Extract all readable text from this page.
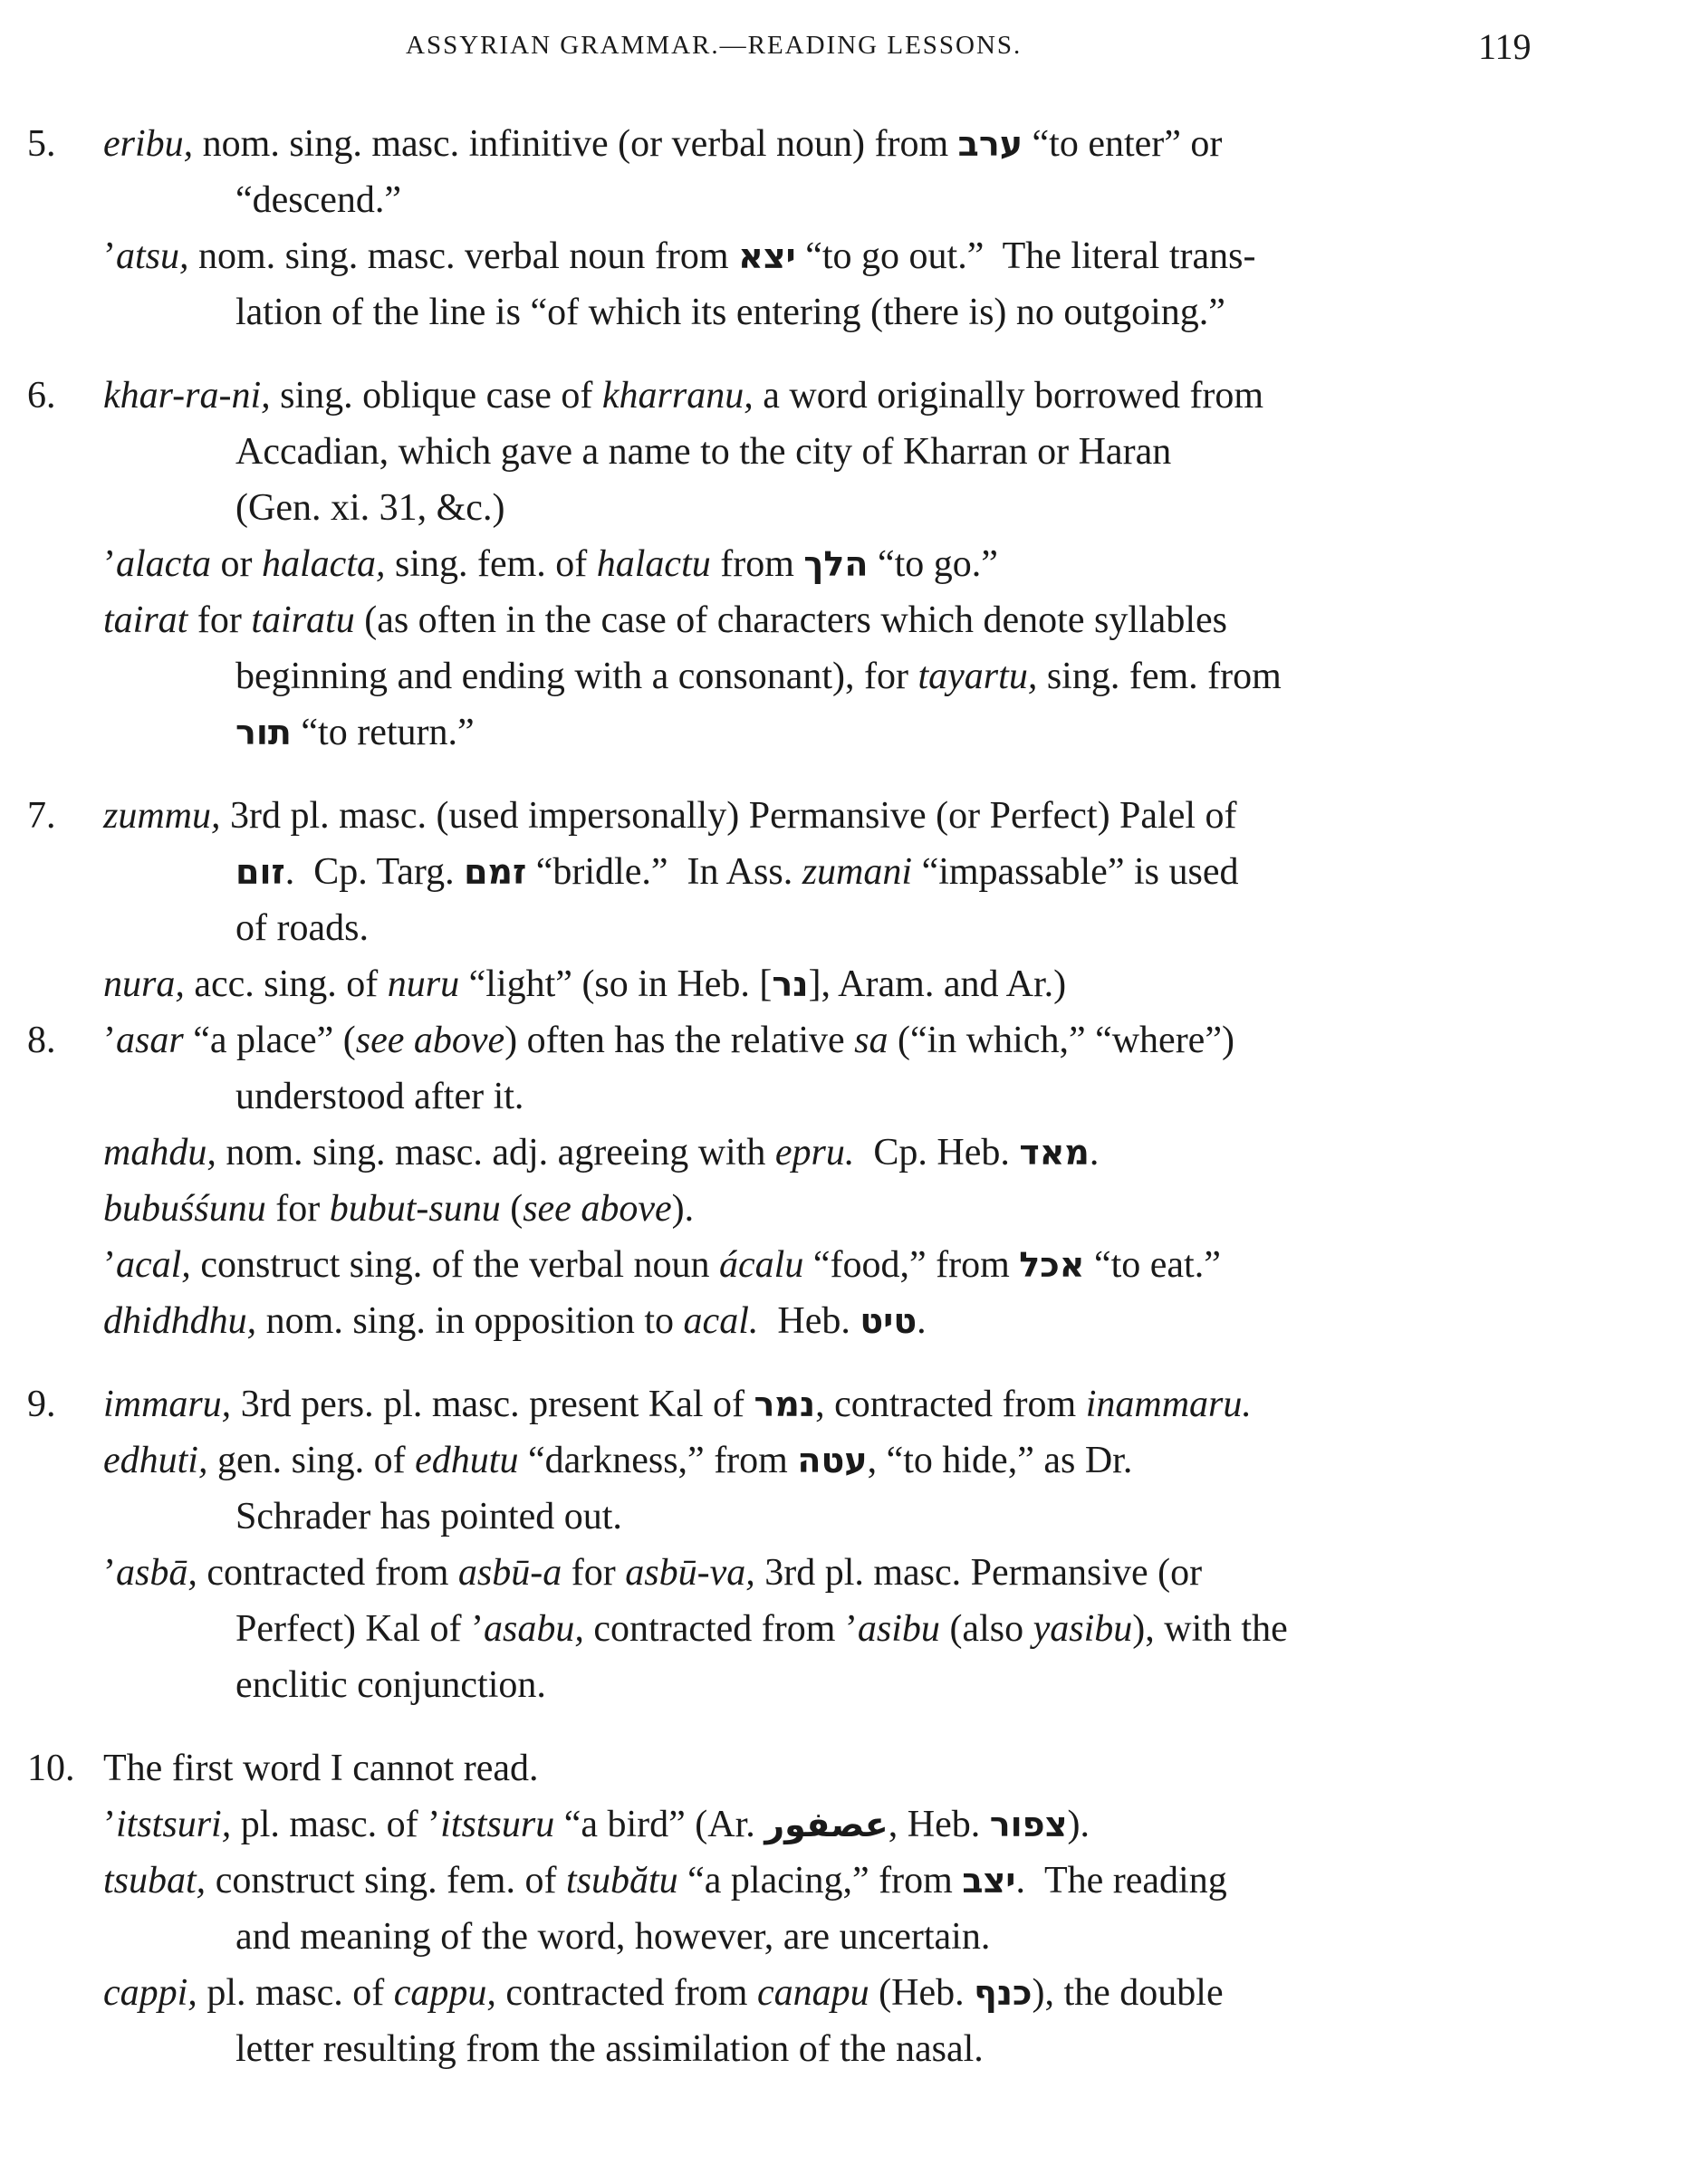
ASSYRIAN GRAMMAR.—READING LESSONS.	119
5.	eribu, nom. sing. masc. infinitive (or verbal noun) from ערב “to enter” or
“descend.”
’atsu, nom. sing. masc. verbal noun from יצא “to go out.”  The literal trans-
lation of the line is “of which its entering (there is) no outgoing.”
6.	khar-ra-ni, sing. oblique case of kharranu, a word originally borrowed from
Accadian, which gave a name to the city of Kharran or Haran
(Gen. xi. 31, &c.)
’alacta or halacta, sing. fem. of halactu from הלך “to go.”
tairat for tairatu (as often in the case of characters which denote syllables
beginning and ending with a consonant), for tayartu, sing. fem. from
תור “to return.”
7.	zummu, 3rd pl. masc. (used impersonally) Permansive (or Perfect) Palel of
זום.  Cp. Targ. זמם “bridle.”  In Ass. zumani “impassable” is used
of roads.
nura, acc. sing. of nuru “light” (so in Heb. [נר], Aram. and Ar.)
8.	’asar “a place” (see above) often has the relative sa (“in which,” “where”)
understood after it.
mahdu, nom. sing. masc. adj. agreeing with epru.  Cp. Heb. מאד.
bubuśśunu for bubut-sunu (see above).
’acal, construct sing. of the verbal noun ácalu “food,” from אכל “to eat.”
dhidhdhu, nom. sing. in opposition to acal.  Heb. טיט.
9.	immaru, 3rd pers. pl. masc. present Kal of נמר, contracted from inammaru.
edhuti, gen. sing. of edhutu “darkness,” from עטה, “to hide,” as Dr.
Schrader has pointed out.
’asbā, contracted from asbū-a for asbū-va, 3rd pl. masc. Permansive (or
Perfect) Kal of ’asabu, contracted from ’asibu (also yasibu), with the
enclitic conjunction.
10. The first word I cannot read.
’itstsuri, pl. masc. of ’itstsuru “a bird” (Ar. عصفور, Heb. צפור).
tsubat, construct sing. fem. of tsubătu “a placing,” from יצב.  The reading
and meaning of the word, however, are uncertain.
cappi, pl. masc. of cappu, contracted from canapu (Heb. כנף), the double
letter resulting from the assimilation of the nasal.
